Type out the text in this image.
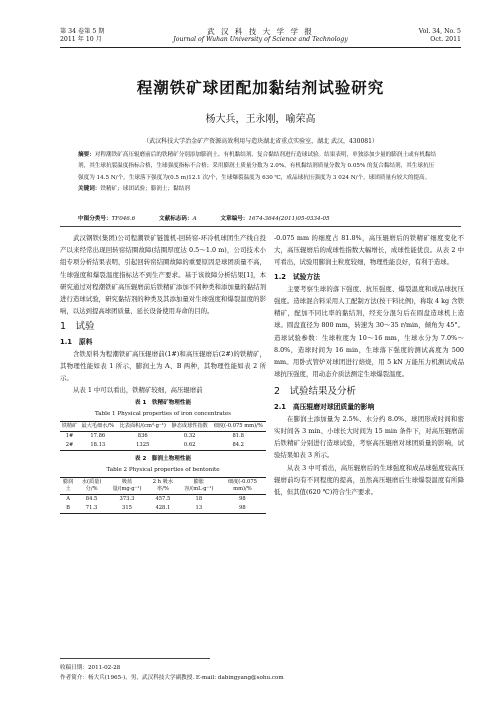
第 34 卷第 5 期
2011 年 10 月
武 汉 科 技 大 学 学 报
Journal of Wuhan University of Science and Technology
Vol. 34, No. 5
Oct. 2011
程潮铁矿球团配加黏结剂试验研究
杨大兵，王永刚，喻荣高
（武汉科技大学冶金矿产资源高效利用与造块湖北省重点实验室，湖北 武汉，430081）
摘要：对程潮铁矿高压辊磨前后的铁精矿分别添加膨润土、有机黏结剂、复合黏结剂进行造球试验。结果表明，单独添加少量的膨润土或有机黏结剂，其生球抗裂温度指标合格，生球强度指标不合格；采用膨润土质量分数为 2.0%，有机黏结剂质量分数为 0.05% 的复合黏结剂，其生球抗压强度为 14.5 N/个，生球落下强度为(0.5 m)12.1 次/个，生球爆裂温度为 630 ℃，成品球抗压强度为 3 024 N/个，球团质量有较大的提高。
关键词：铁精矿；球团试验；膨润土；黏结剂
中图分类号：TF046.6	文献标志码：A	文章编号：1674-3644(2011)05-0334-05

武汉钢铁(集团)公司程潮铁矿链篦机-回转窑-环冷机球团生产线自投产以来经常出现回转窑结圈故障(结圈厚度达 0.5～1.0 m)，公司技术小组专项分析结果表明，引起回转窑结圈故障的重要原因是球团质量不高，生球强度和爆裂温度指标达不到生产要求。基于该故障分析结果[1]，本研究通过对程潮铁矿高压辊磨前后铁精矿添加不同种类和添加量的黏结剂进行造球试验，研究黏结剂的种类及其添加量对生球强度和爆裂温度的影响，以达到提高球团质量、延长设备使用寿命的目的。

1　试验
1.1　原料

含铁原料为程潮铁矿高压辊磨前(1#)和高压辊磨后(2#)的铁精矿，其物理性能如表 1 所示，膨润土为 A、B 两种，其物理性能如表 2 所示。

从表 1 中可以看出，铁精矿较细，高压辊磨前

表 1　铁精矿物理性能
Table 1 Physical properties of iron concentrates
铁精矿	最大毛细水/%	比表面积/(cm²·g⁻¹)	静态成球性指数	细度(-0.075 mm)/%
1#	17.86	836	0.32	81.8
2#	18.13	1325	0.62	84.2
表 2　膨润土物理性能
Table 2 Physical properties of bentonite
膨润土	水(质量)分/%	吸蓝量/(mg·g⁻¹)	2 h 吸水率/%	膨胀容/(mL·g⁻¹)	细度(-0.075 mm)/%
A	84.5	373.3	457.5	18	98
B	71.3	315	428.1	13	98

-0.075 mm 的细度占 81.8%，高压辊磨后的铁精矿细度变化不大，高压辊磨后的成球性指数大幅增长，成球性能优良。从表 2 中可看出，试验用膨润土粒度较细，物理性能良好，有利于造球。

1.2　试验方法

主要考察生球的落下强度、抗压强度、爆裂温度和成品球抗压强度。造球混合料采用人工配制方法(按干料比例)，称取 4 kg 含铁精矿，配加不同比率的黏结剂，经充分混匀后在圆盘造球机上造球。圆盘直径为 800 mm，转速为 30～35 r/min，倾角为 45°。造球试验参数：生球粒度为 10～16 mm，生球水分为 7.0%～8.0%，造球时间为 16 min，生球落下强度的测试高度为 500 mm。用卧式管炉对球团进行焙烧，用 5 kN 万能压力机测试成品球抗压强度，用动态介质法测定生球爆裂温度。

2　试验结果及分析
2.1　高压辊磨对球团质量的影响

在膨润土添加量为 2.5%、水分约 8.0%、球团形成时间和密实时间各 3 min、小球长大时间为 15 min 条件下，对高压辊磨前后铁精矿分别进行造球试验，考察高压辊磨对球团质量的影响，试验结果如表 3 所示。

从表 3 中可看出，高压辊磨后的生球强度和成品球强度较高压辊磨前均有不同程度的提高，虽然高压辊磨后生球爆裂温度有所降低，但其值(620 ℃)符合生产要求。

收稿日期：2011-02-28
作者简介：杨大兵(1965-)，男，武汉科技大学副教授. E-mail: dabingyang@sohu.com
